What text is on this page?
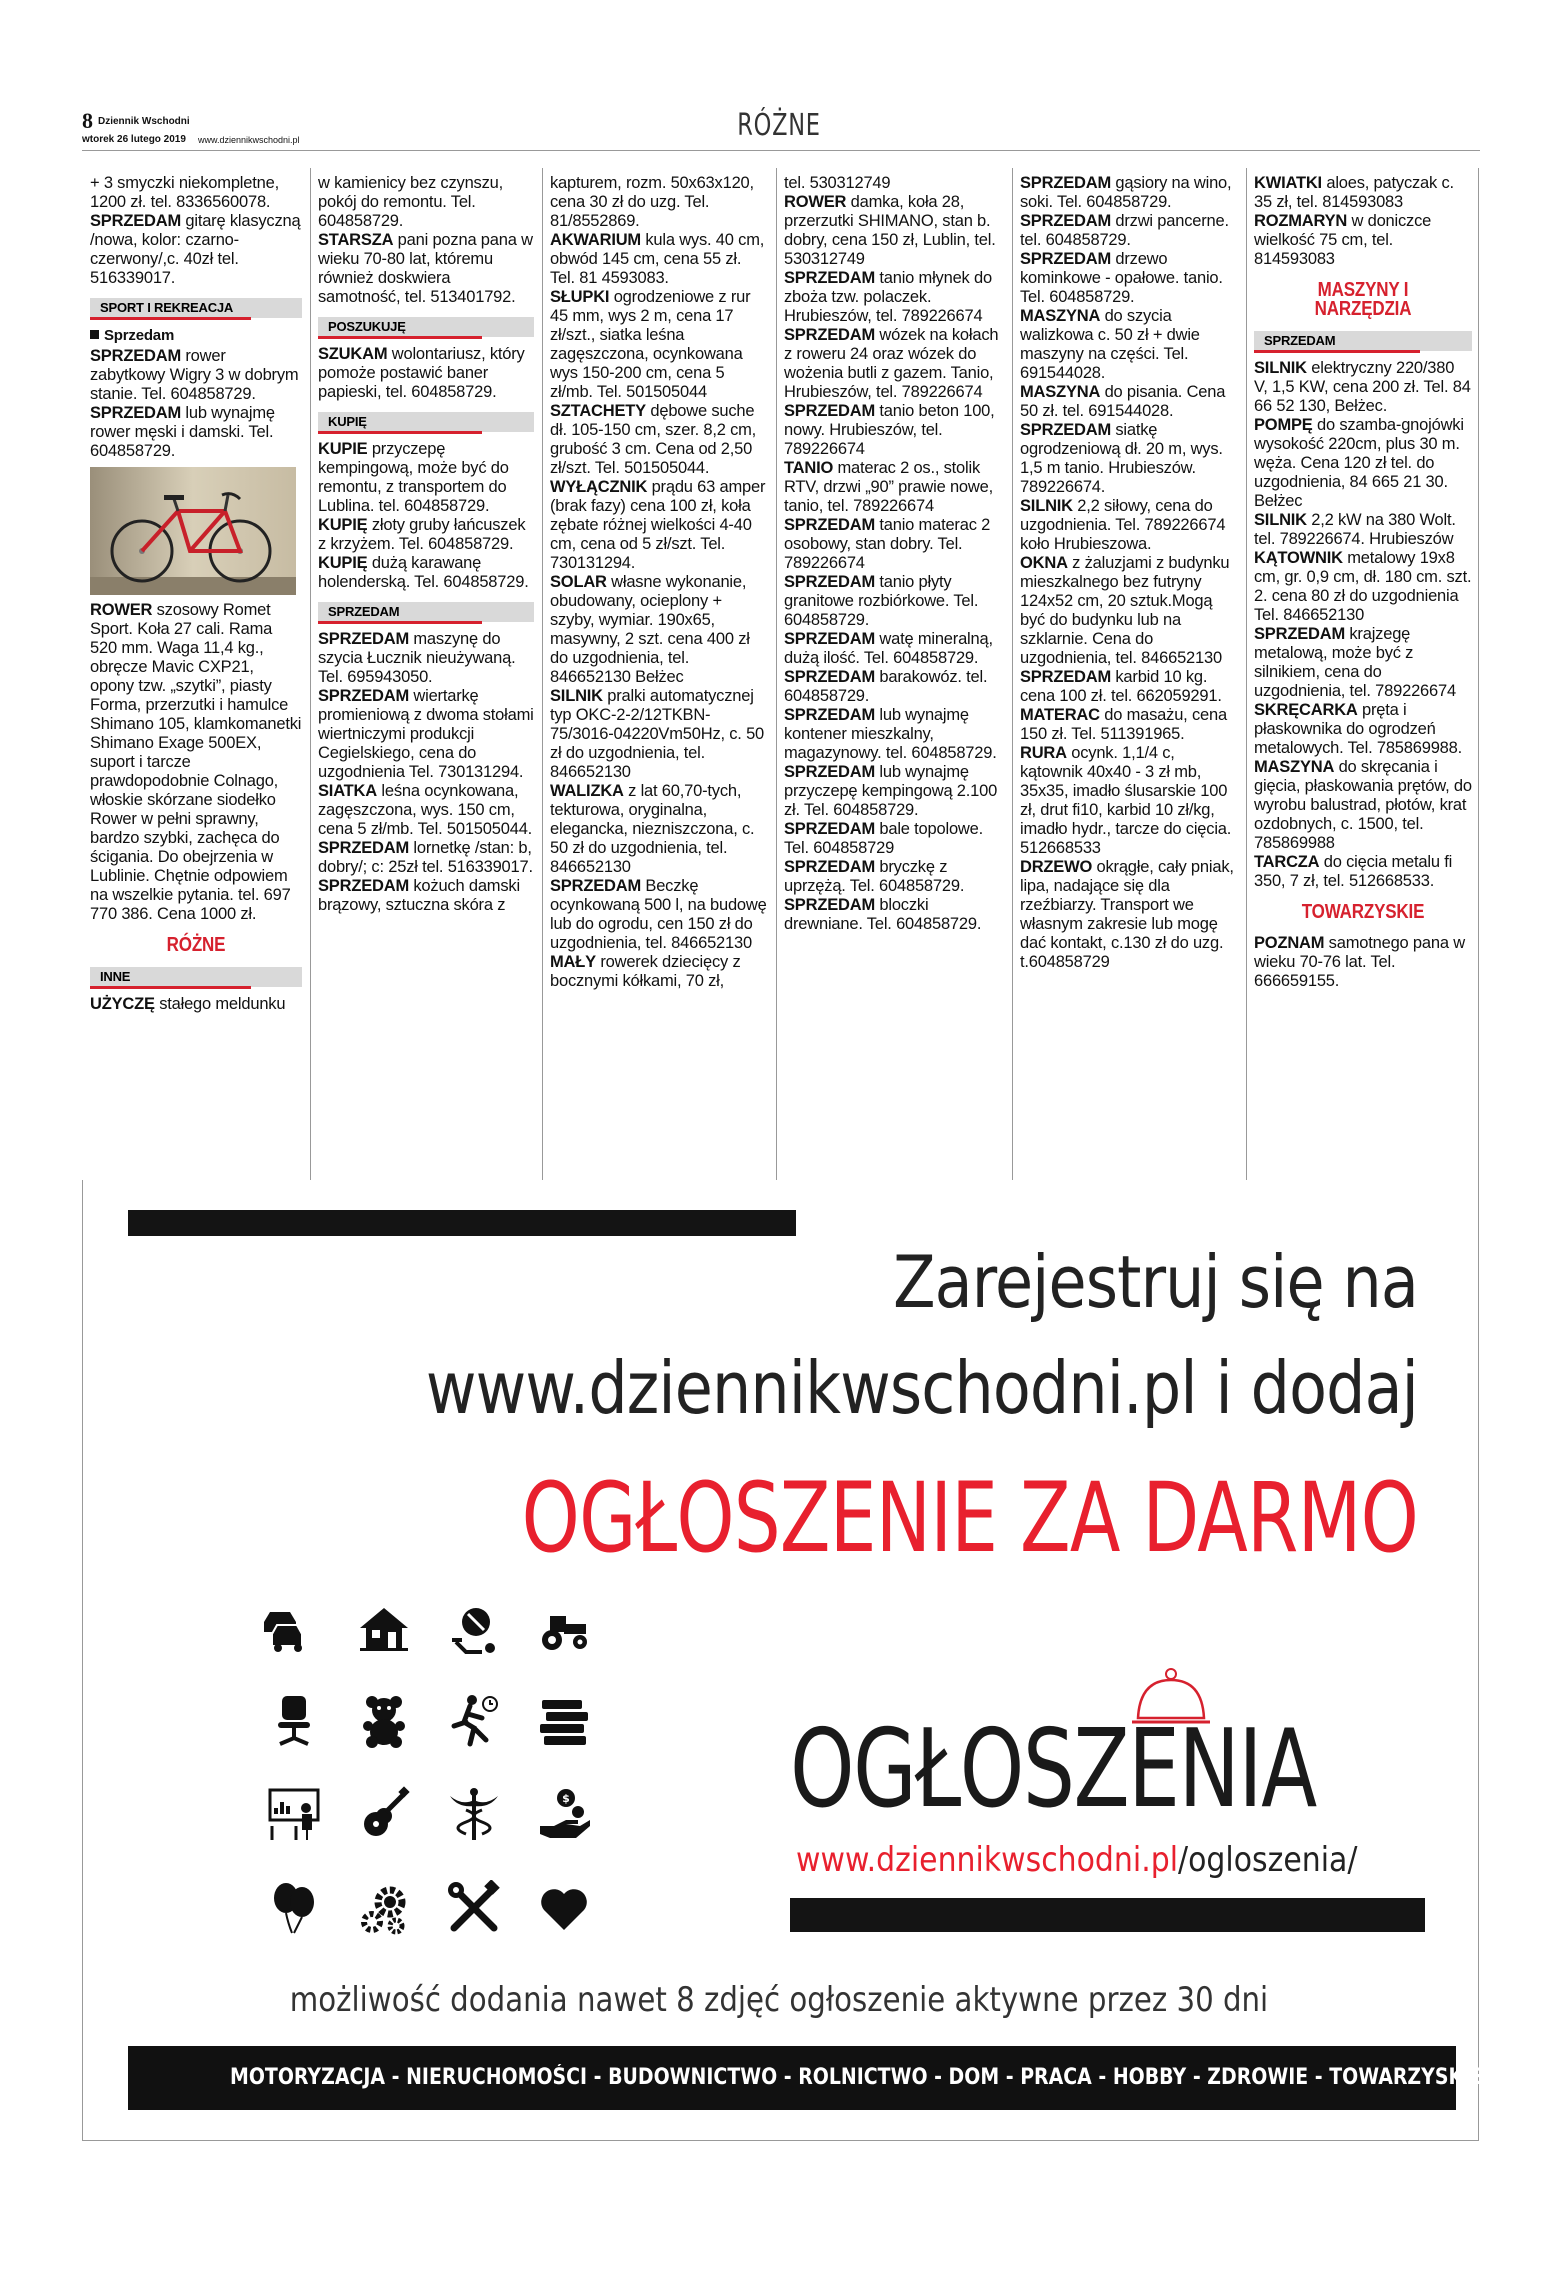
8 Dziennik Wschodni
wtorek 26 lutego 2019 www.dziennikwschodni.pl	RÓŻNE

+ 3 smyczki niekompletne, 1200 zł. tel. 8336560078.

SPRZEDAM gitarę klasyczną /nowa, kolor: czarno-czerwony/,c. 40zł tel. 516339017.

SPORT I REKREACJA
Sprzedam

SPRZEDAM rower zabytkowy Wigry 3 w dobrym stanie. Tel. 604858729.

SPRZEDAM lub wynajmę rower męski i damski. Tel. 604858729.

ROWER szosowy Romet Sport. Koła 27 cali. Rama 520 mm. Waga 11,4 kg., obręcze Mavic CXP21, opony tzw. „szytki”, piasty Forma, przerzutki i hamulce Shimano 105, klamkomanetki Shimano Exage 500EX, suport i tarcze prawdopodobnie Colnago, włoskie skórzane siodełko Rower w pełni sprawny, bardzo szybki, zachęca do ścigania. Do obejrzenia w Lublinie. Chętnie odpowiem na wszelkie pytania. tel. 697 770 386. Cena 1000 zł.

RÓŻNE
INNE

UŻYCZĘ stałego meldunku

w kamienicy bez czynszu, pokój do remontu. Tel. 604858729.

STARSZA pani pozna pana w wieku 70-80 lat, któremu również doskwiera samotność, tel. 513401792.

POSZUKUJĘ

SZUKAM wolontariusz, który pomoże postawić baner papieski, tel. 604858729.

KUPIĘ

KUPIE przyczepę kempingową, może być do remontu, z transportem do Lublina. tel. 604858729.

KUPIĘ złoty gruby łańcuszek z krzyżem. Tel. 604858729.

KUPIĘ dużą karawanę holenderską. Tel. 604858729.

SPRZEDAM

SPRZEDAM maszynę do szycia Łucznik nieużywaną. Tel. 695943050.

SPRZEDAM wiertarkę promieniową z dwoma stołami wiertniczymi produkcji Cegielskiego, cena do uzgodnienia Tel. 730131294.

SIATKA leśna ocynkowana, zagęszczona, wys. 150 cm, cena 5 zł/mb. Tel. 501505044.

SPRZEDAM lornetkę /stan: b, dobry/; c: 25zł tel. 516339017.

SPRZEDAM kożuch damski brązowy, sztuczna skóra z

kapturem, rozm. 50x63x120, cena 30 zł do uzg. Tel. 81/8552869.

AKWARIUM kula wys. 40 cm, obwód 145 cm, cena 55 zł. Tel. 81 4593083.

SŁUPKI ogrodzeniowe z rur 45 mm, wys 2 m, cena 17 zł/szt., siatka leśna zagęszczona, ocynkowana wys 150-200 cm, cena 5 zł/mb. Tel. 501505044

SZTACHETY dębowe suche dł. 105-150 cm, szer. 8,2 cm, grubość 3 cm. Cena od 2,50 zł/szt. Tel. 501505044.

WYŁĄCZNIK prądu 63 amper (brak fazy) cena 100 zł, koła zębate różnej wielkości 4-40 cm, cena od 5 zł/szt. Tel. 730131294.

SOLAR własne wykonanie, obudowany, ocieplony + szyby, wymiar. 190x65, masywny, 2 szt. cena 400 zł do uzgodnienia, tel. 846652130 Bełżec

SILNIK pralki automatycznej typ OKC-2-2/12TKBN-75/3016-04220Vm50Hz, c. 50 zł do uzgodnienia, tel. 846652130

WALIZKA z lat 60,70-tych, tekturowa, oryginalna, elegancka, niezniszczona, c. 50 zł do uzgodnienia, tel. 846652130

SPRZEDAM Beczkę ocynkowaną 500 l, na budowę lub do ogrodu, cen 150 zł do uzgodnienia, tel. 846652130

MAŁY rowerek dziecięcy z bocznymi kółkami, 70 zł,

tel. 530312749

ROWER damka, koła 28, przerzutki SHIMANO, stan b. dobry, cena 150 zł, Lublin, tel. 530312749

SPRZEDAM tanio młynek do zboża tzw. polaczek. Hrubieszów, tel. 789226674

SPRZEDAM wózek na kołach z roweru 24 oraz wózek do wożenia butli z gazem. Tanio, Hrubieszów, tel. 789226674

SPRZEDAM tanio beton 100, nowy. Hrubieszów, tel. 789226674

TANIO materac 2 os., stolik RTV, drzwi „90” prawie nowe, tanio, tel. 789226674

SPRZEDAM tanio materac 2 osobowy, stan dobry. Tel. 789226674

SPRZEDAM tanio płyty granitowe rozbiórkowe. Tel. 604858729.

SPRZEDAM watę mineralną, dużą ilość. Tel. 604858729.

SPRZEDAM barakowóz. tel. 604858729.

SPRZEDAM lub wynajmę kontener mieszkalny, magazynowy. tel. 604858729.

SPRZEDAM lub wynajmę przyczepę kempingową 2.100 zł. Tel. 604858729.

SPRZEDAM bale topolowe. Tel. 604858729

SPRZEDAM bryczkę z uprzężą. Tel. 604858729.

SPRZEDAM bloczki drewniane. Tel. 604858729.

SPRZEDAM gąsiory na wino, soki. Tel. 604858729.

SPRZEDAM drzwi pancerne. tel. 604858729.

SPRZEDAM drzewo kominkowe - opałowe. tanio. Tel. 604858729.

MASZYNA do szycia walizkowa c. 50 zł + dwie maszyny na części. Tel. 691544028.

MASZYNA do pisania. Cena 50 zł. tel. 691544028.

SPRZEDAM siatkę ogrodzeniową dł. 20 m, wys. 1,5 m tanio. Hrubieszów. 789226674.

SILNIK 2,2 siłowy, cena do uzgodnienia. Tel. 789226674 koło Hrubieszowa.

OKNA z żaluzjami z budynku mieszkalnego bez futryny 124x52 cm, 20 sztuk.Mogą być do budynku lub na szklarnie. Cena do uzgodnienia, tel. 846652130

SPRZEDAM karbid 10 kg. cena 100 zł. tel. 662059291.

MATERAC do masażu, cena 150 zł. Tel. 511391965.

RURA ocynk. 1,1/4 c, kątownik 40x40 - 3 zł mb, 35x35, imadło ślusarskie 100 zł, drut fi10, karbid 10 zł/kg, imadło hydr., tarcze do cięcia. 512668533

DRZEWO okrągłe, cały pniak, lipa, nadające się dla rzeźbiarzy. Transport we własnym zakresie lub mogę dać kontakt, c.130 zł do uzg. t.604858729

KWIATKI aloes, patyczak c. 35 zł, tel. 814593083

ROZMARYN w doniczce wielkość 75 cm, tel. 814593083

MASZYNY I NARZĘDZIA
SPRZEDAM

SILNIK elektryczny 220/380 V, 1,5 KW, cena 200 zł. Tel. 84 66 52 130, Bełżec.

POMPĘ do szamba-gnojówki wysokość 220cm, plus 30 m. węża. Cena 120 zł tel. do uzgodnienia, 84 665 21 30. Bełżec

SILNIK 2,2 kW na 380 Wolt. tel. 789226674. Hrubieszów

KĄTOWNIK metalowy 19x8 cm, gr. 0,9 cm, dł. 180 cm. szt. 2. cena 80 zł do uzgodnienia Tel. 846652130

SPRZEDAM krajzegę metalową, może być z silnikiem, cena do uzgodnienia, tel. 789226674

SKRĘCARKA pręta i płaskownika do ogrodzeń metalowych. Tel. 785869988.

MASZYNA do skręcania i gięcia, płaskowania prętów, do wyrobu balustrad, płotów, krat ozdobnych, c. 1500, tel. 785869988

TARCZA do cięcia metalu fi 350, 7 zł, tel. 512668533.

TOWARZYSKIE

POZNAM samotnego pana w wieku 70-76 lat. Tel. 666659155.

Zarejestruj się na
www.dziennikwschodni.pl i dodaj
OGŁOSZENIE ZA DARMO
$ OGŁOSZENIA
www.dziennikwschodni.pl/ogloszenia/
możliwość dodania nawet 8 zdjęć ogłoszenie aktywne przez 30 dni
MOTORYZACJA - NIERUCHOMOŚCI - BUDOWNICTWO - ROLNICTWO - DOM - PRACA - HOBBY - ZDROWIE - TOWARZYSKIE
